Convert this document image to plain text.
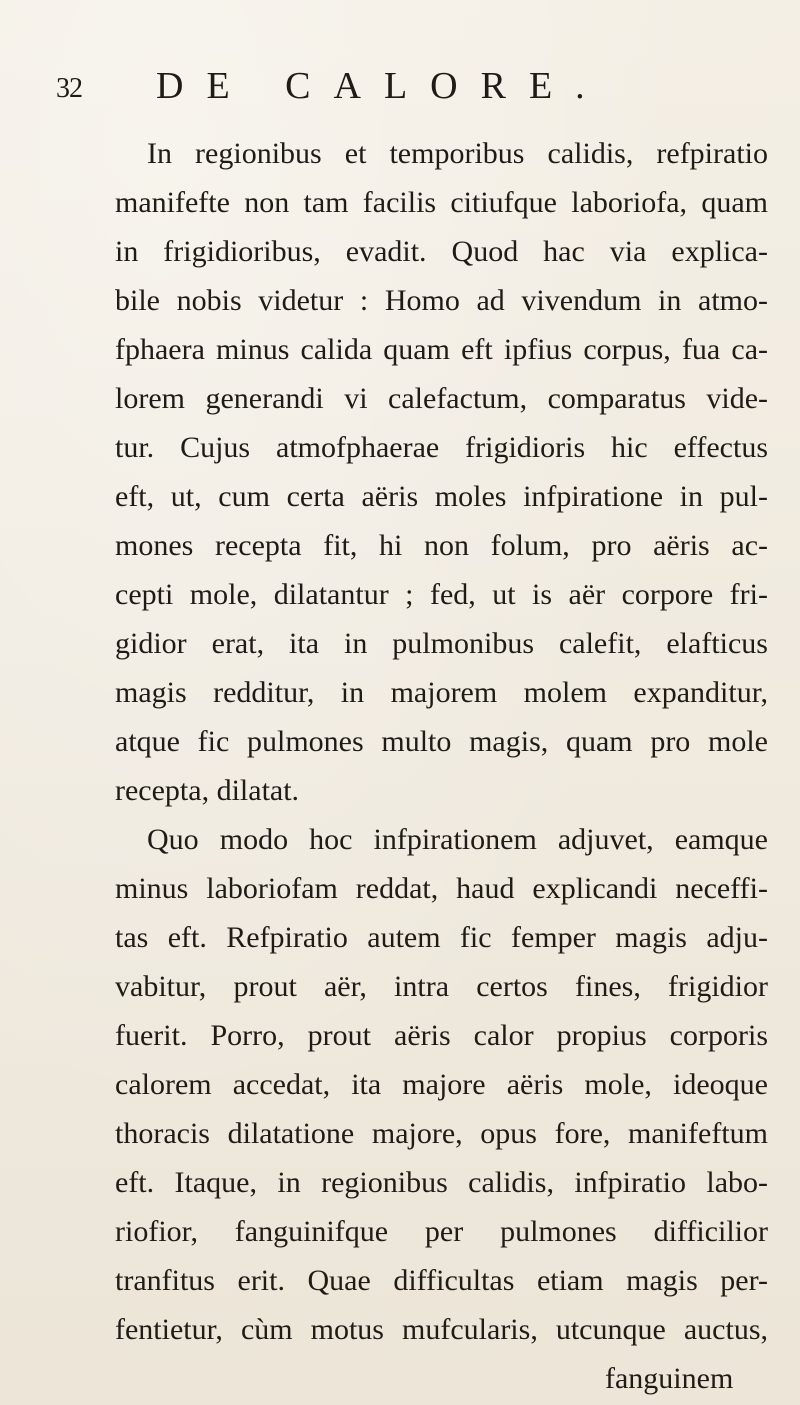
32 DE CALORE.
In regionibus et temporibus calidis, refpiratio
manifefte non tam facilis citiufque laboriofa, quam
in frigidioribus, evadit. Quod hac via explica-
bile nobis videtur : Homo ad vivendum in atmo-
fphaera minus calida quam eft ipfius corpus, fua ca-
lorem generandi vi calefactum, comparatus vide-
tur. Cujus atmofphaerae frigidioris hic effectus
eft, ut, cum certa aëris moles infpiratione in pul-
mones recepta fit, hi non folum, pro aëris ac-
cepti mole, dilatantur ; fed, ut is aër corpore fri-
gidior erat, ita in pulmonibus calefit, elafticus
magis redditur, in majorem molem expanditur,
atque fic pulmones multo magis, quam pro mole
recepta, dilatat.
Quo modo hoc infpirationem adjuvet, eamque
minus laboriofam reddat, haud explicandi neceffi-
tas eft. Refpiratio autem fic femper magis adju-
vabitur, prout aër, intra certos fines, frigidior
fuerit. Porro, prout aëris calor propius corporis
calorem accedat, ita majore aëris mole, ideoque
thoracis dilatatione majore, opus fore, manifeftum
eft. Itaque, in regionibus calidis, infpiratio labo-
riofior, fanguinifque per pulmones difficilior
tranfitus erit. Quae difficultas etiam magis per-
fentietur, cùm motus mufcularis, utcunque auctus,
fanguinem
